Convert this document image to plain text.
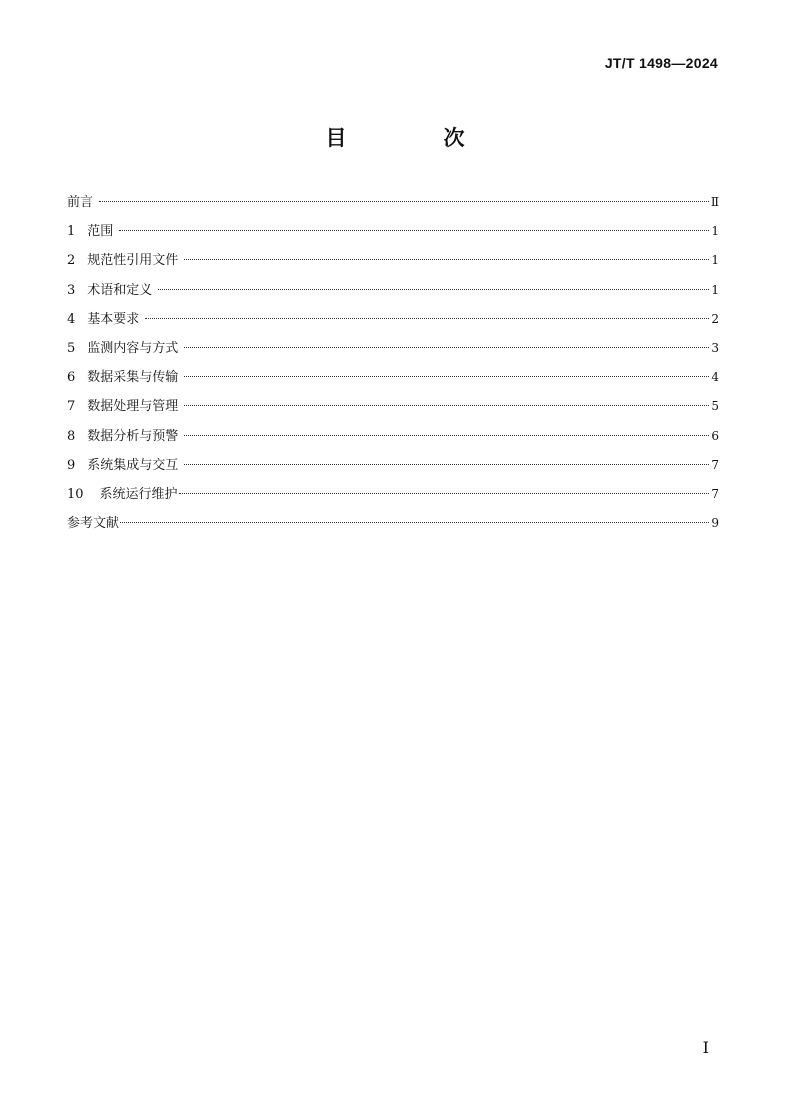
JT/T 1498—2024
目　次
前言	Ⅱ
1 范围	1
2 规范性引用文件	1
3 术语和定义	1
4 基本要求	2
5 监测内容与方式	3
6 数据采集与传输	4
7 数据处理与管理	5
8 数据分析与预警	6
9 系统集成与交互	7
10 系统运行维护	7
参考文献	9
I
